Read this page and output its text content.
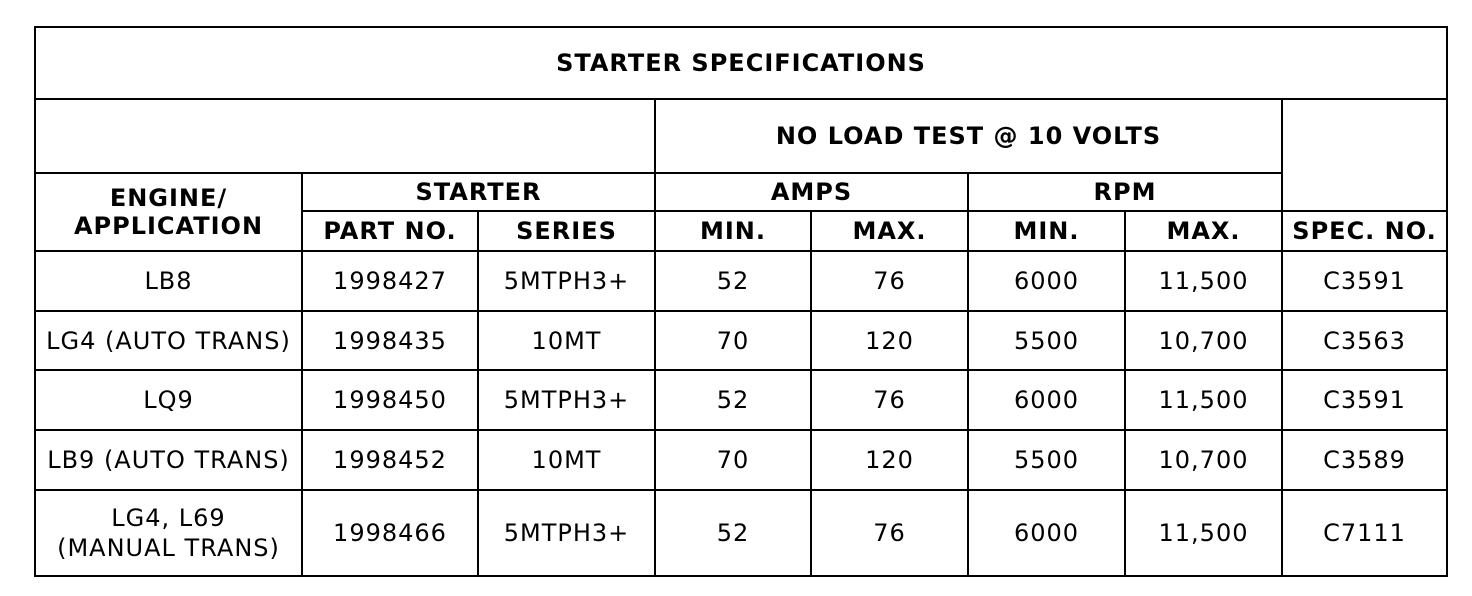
STARTER SPECIFICATIONS							
			NO LOAD TEST @ 10 VOLTS				

ENGINE/
APPLICATION	STARTER		AMPS		RPM		
	PART NO.	SERIES	MIN.	MAX.	MIN.	MAX.	SPEC. NO.

LB8	1998427	5MTPH3+	52	76	6000	11,500	C3591

LG4 (AUTO TRANS)	1998435	10MT	70	120	5500	10,700	C3563

LQ9	1998450	5MTPH3+	52	76	6000	11,500	C3591

LB9 (AUTO TRANS)	1998452	10MT	70	120	5500	10,700	C3589

LG4, L69
(MANUAL TRANS)	1998466	5MTPH3+	52	76	6000	11,500	C7111
